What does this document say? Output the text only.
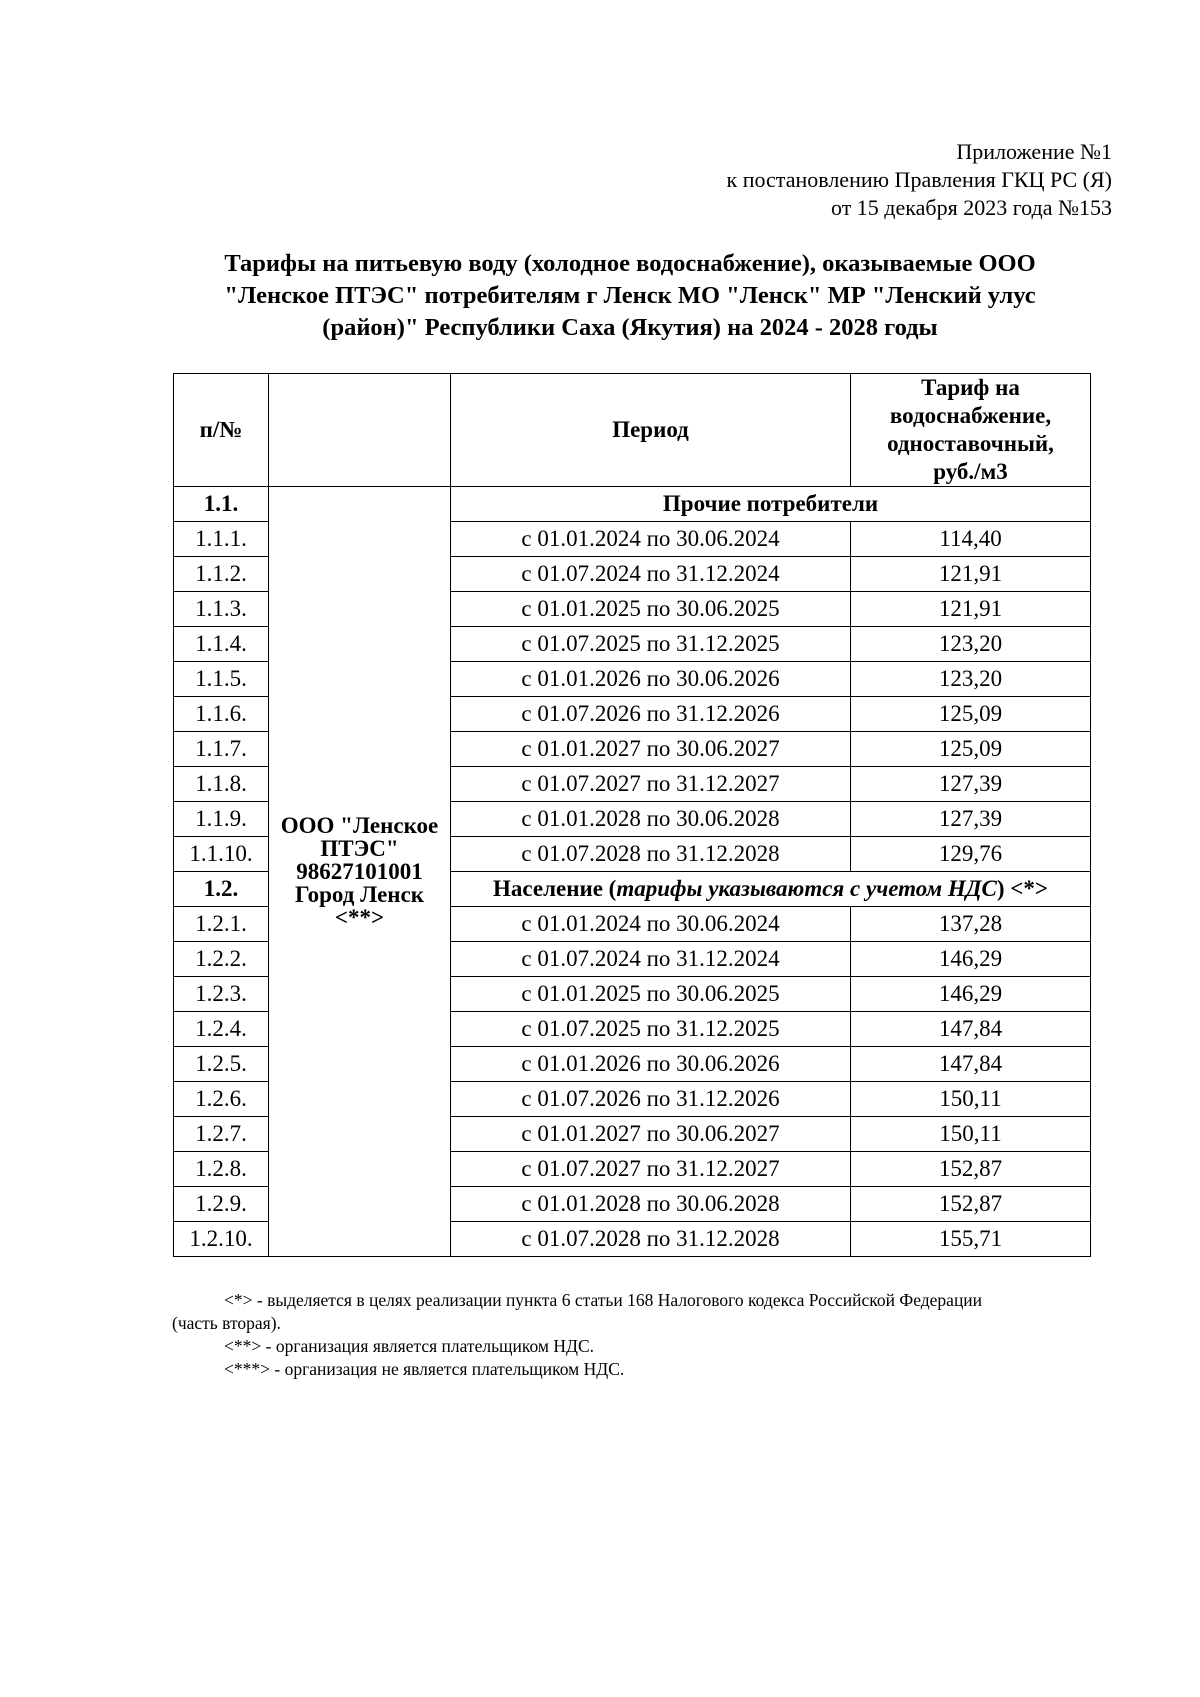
Приложение №1
к постановлению Правления ГКЦ РС (Я)
от 15 декабря 2023 года №153
Тарифы на питьевую воду (холодное водоснабжение), оказываемые ООО
"Ленское ПТЭС" потребителям г Ленск МО "Ленск" МР "Ленский улус
(район)" Республики Саха (Якутия) на 2024 - 2028 годы
п/№		Период	Тариф на
водоснабжение,
одноставочный,
руб./м3

1.1.	ООО "Ленское
ПТЭС"
98627101001
Город Ленск
<**>	Прочие потребители	
1.1.1.		с 01.01.2024 по 30.06.2024	114,40
1.1.2.		с 01.07.2024 по 31.12.2024	121,91
1.1.3.		с 01.01.2025 по 30.06.2025	121,91
1.1.4.		с 01.07.2025 по 31.12.2025	123,20
1.1.5.		с 01.01.2026 по 30.06.2026	123,20
1.1.6.		с 01.07.2026 по 31.12.2026	125,09
1.1.7.		с 01.01.2027 по 30.06.2027	125,09
1.1.8.		с 01.07.2027 по 31.12.2027	127,39
1.1.9.		с 01.01.2028 по 30.06.2028	127,39
1.1.10.		с 01.07.2028 по 31.12.2028	129,76
1.2.		Население (тарифы указываются с учетом НДС) <*>	
1.2.1.		с 01.01.2024 по 30.06.2024	137,28
1.2.2.		с 01.07.2024 по 31.12.2024	146,29
1.2.3.		с 01.01.2025 по 30.06.2025	146,29
1.2.4.		с 01.07.2025 по 31.12.2025	147,84
1.2.5.		с 01.01.2026 по 30.06.2026	147,84
1.2.6.		с 01.07.2026 по 31.12.2026	150,11
1.2.7.		с 01.01.2027 по 30.06.2027	150,11
1.2.8.		с 01.07.2027 по 31.12.2027	152,87
1.2.9.		с 01.01.2028 по 30.06.2028	152,87
1.2.10.		с 01.07.2028 по 31.12.2028	155,71

<*> - выделяется в целях реализации пункта 6 статьи 168 Налогового кодекса Российской Федерации

(часть вторая).

<**> - организация является плательщиком НДС.

<***> - организация не является плательщиком НДС.
